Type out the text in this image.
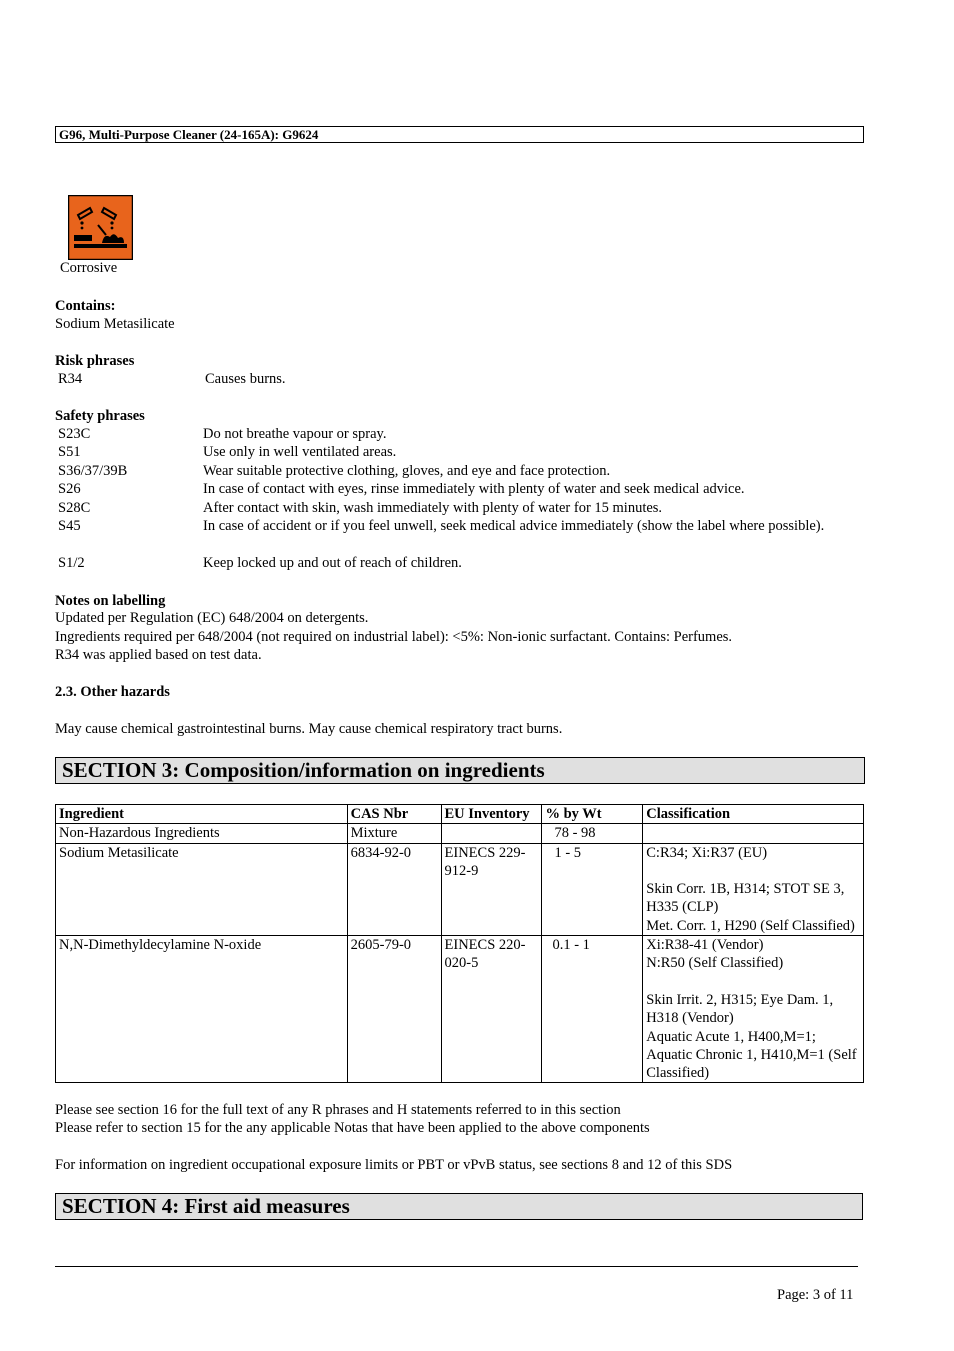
G96, Multi-Purpose Cleaner (24-165A): G9624
Corrosive
Contains:
Sodium Metasilicate
Risk phrases
R34	Causes burns.
Safety phrases
S23C	Do not breathe vapour or spray.
S51	Use only in well ventilated areas.
S36/37/39B	Wear suitable protective clothing, gloves, and eye and face protection.
S26	In case of contact with eyes, rinse immediately with plenty of water and seek medical advice.
S28C	After contact with skin, wash immediately with plenty of water for 15 minutes.
S45	In case of accident or if you feel unwell, seek medical advice immediately (show the label where possible).
S1/2	Keep locked up and out of reach of children.
Notes on labelling
Updated per Regulation (EC) 648/2004 on detergents.
Ingredients required per 648/2004 (not required on industrial label): <5%: Non-ionic surfactant. Contains: Perfumes.
R34 was applied based on test data.
2.3. Other hazards
May cause chemical gastrointestinal burns. May cause chemical respiratory tract burns.
SECTION 3: Composition/information on ingredients
Ingredient	CAS Nbr	EU Inventory	% by Wt	Classification
Non-Hazardous Ingredients	Mixture		78 - 98	
Sodium Metasilicate	6834-92-0	EINECS 229-912-9	1 - 5	C:R34; Xi:R37 (EU)
Skin Corr. 1B, H314; STOT SE 3, H335 (CLP)
Met. Corr. 1, H290 (Self Classified)

N,N-Dimethyldecylamine N-oxide	2605-79-0	EINECS 220-020-5	0.1 - 1	Xi:R38-41 (Vendor)
N:R50 (Self Classified)
Skin Irrit. 2, H315; Eye Dam. 1, H318 (Vendor)
Aquatic Acute 1, H400,M=1; Aquatic Chronic 1, H410,M=1 (Self Classified)
Please see section 16 for the full text of any R phrases and H statements referred to in this section
Please refer to section 15 for the any applicable Notas that have been applied to the above components
For information on ingredient occupational exposure limits or PBT or vPvB status, see sections 8 and 12 of this SDS
SECTION 4: First aid measures
Page: 3 of 11
